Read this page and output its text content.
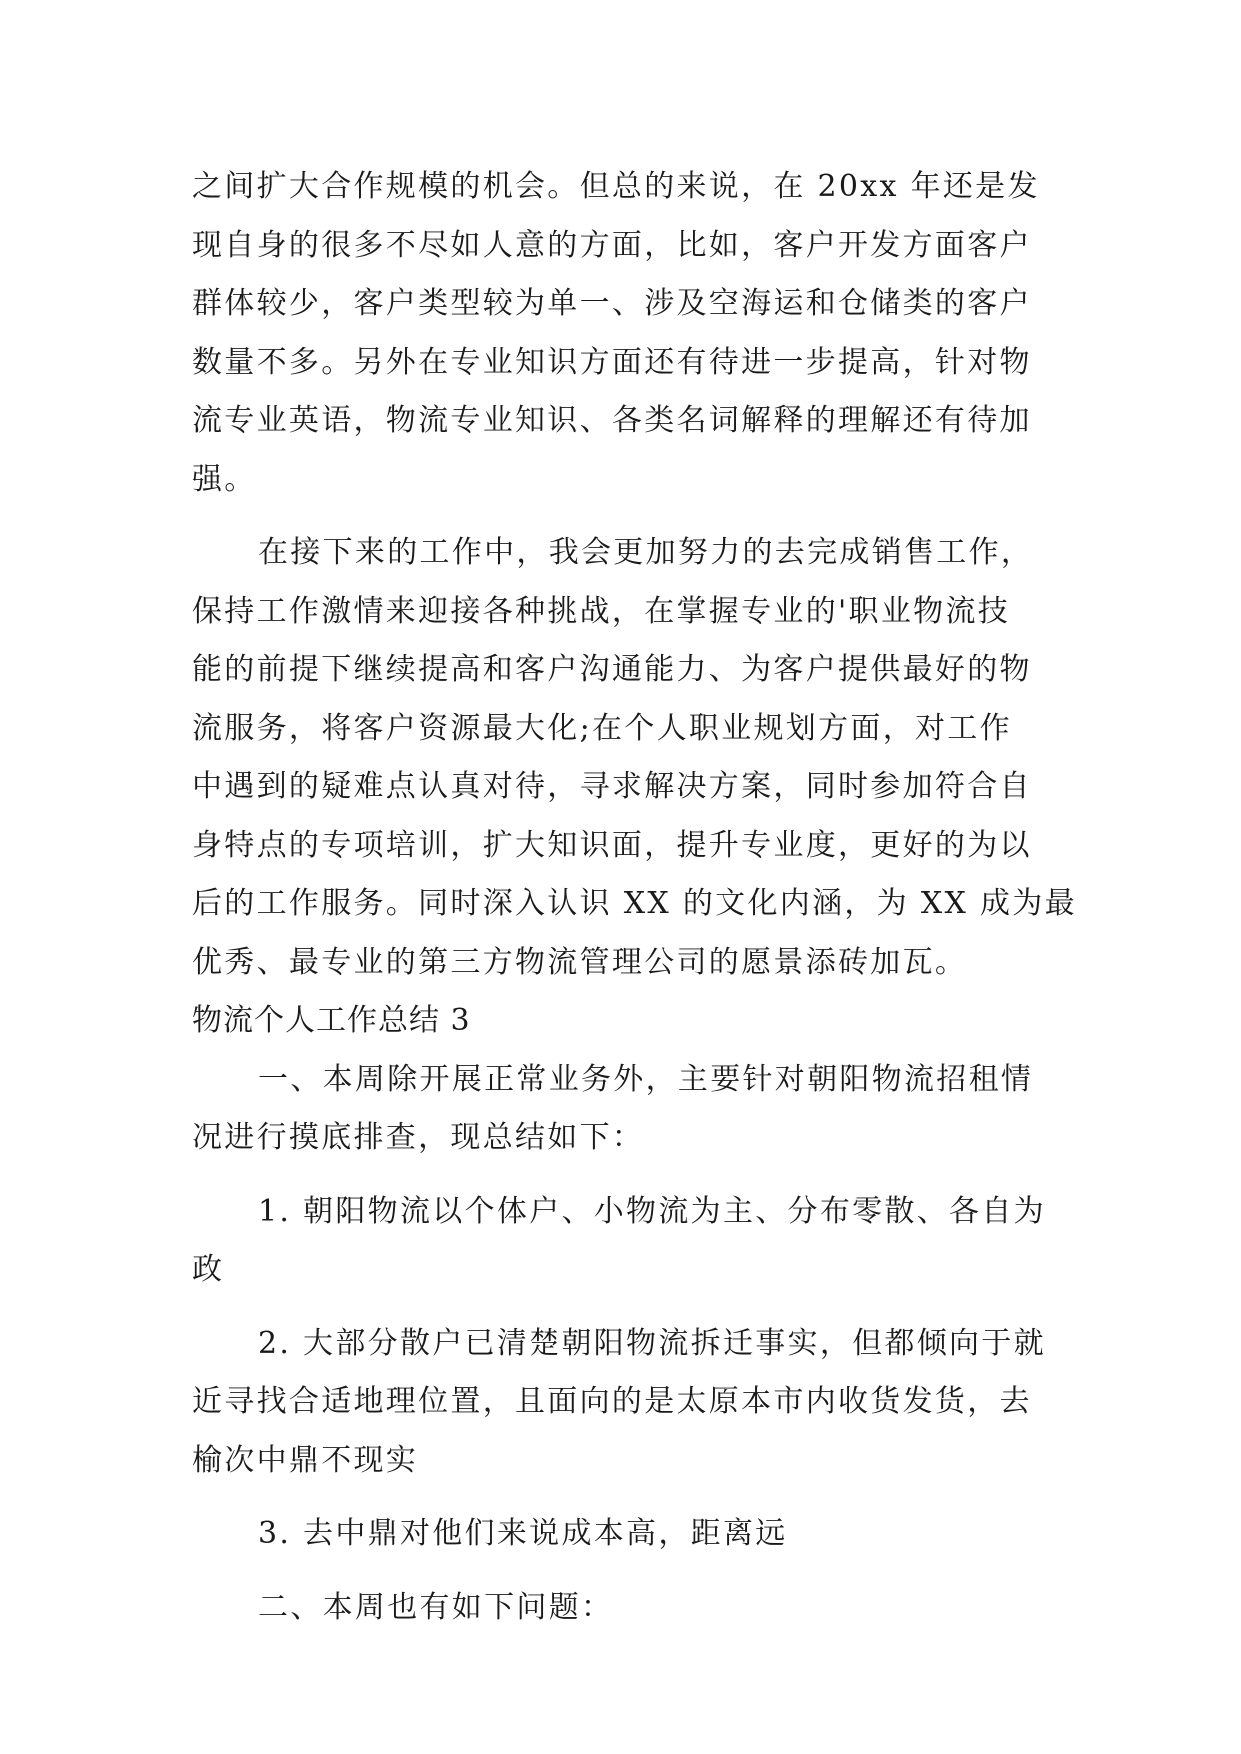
之间扩大合作规模的机会。但总的来说，在 20xx 年还是发
现自身的很多不尽如人意的方面，比如，客户开发方面客户
群体较少，客户类型较为单一、涉及空海运和仓储类的客户
数量不多。另外在专业知识方面还有待进一步提高，针对物
流专业英语，物流专业知识、各类名词解释的理解还有待加
强。
在接下来的工作中，我会更加努力的去完成销售工作，
保持工作激情来迎接各种挑战，在掌握专业的'职业物流技
能的前提下继续提高和客户沟通能力、为客户提供最好的物
流服务，将客户资源最大化;在个人职业规划方面，对工作
中遇到的疑难点认真对待，寻求解决方案，同时参加符合自
身特点的专项培训，扩大知识面，提升专业度，更好的为以
后的工作服务。同时深入认识 XX 的文化内涵，为 XX 成为最
优秀、最专业的第三方物流管理公司的愿景添砖加瓦。
物流个人工作总结 3
一、本周除开展正常业务外，主要针对朝阳物流招租情
况进行摸底排查，现总结如下：
1. 朝阳物流以个体户、小物流为主、分布零散、各自为
政
2. 大部分散户已清楚朝阳物流拆迁事实，但都倾向于就
近寻找合适地理位置，且面向的是太原本市内收货发货，去
榆次中鼎不现实
3. 去中鼎对他们来说成本高，距离远
二、本周也有如下问题：
